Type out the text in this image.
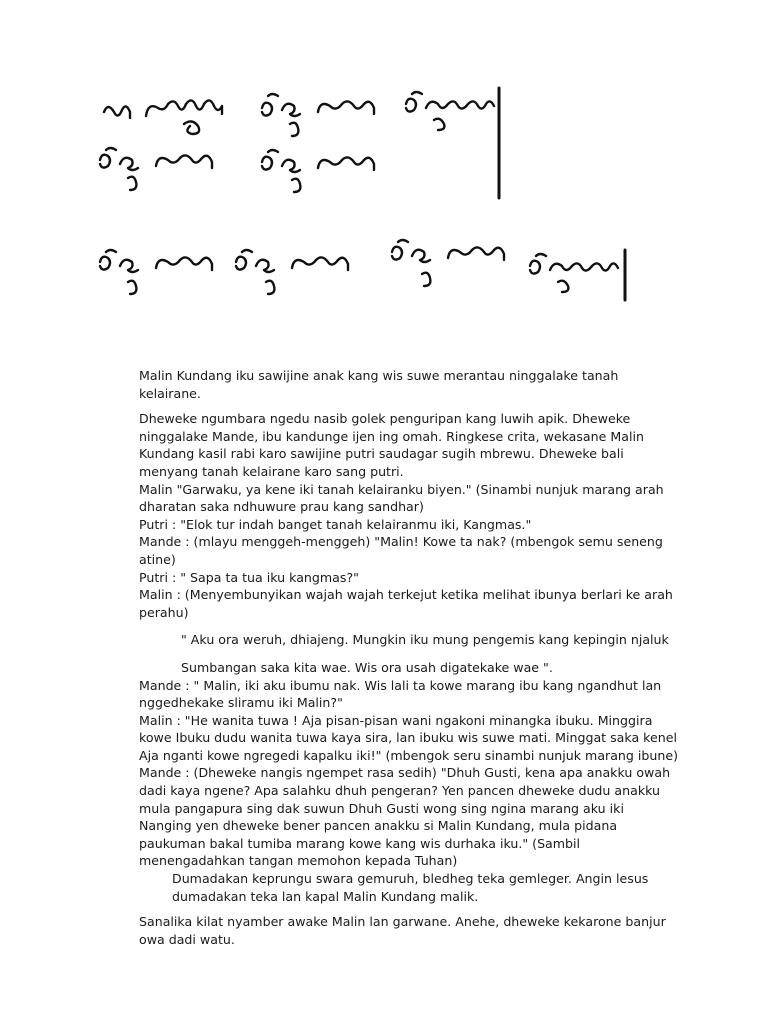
Malin Kundang iku sawijine anak kang wis suwe merantau ninggalake tanah kelairane.

Dheweke ngumbara ngedu nasib golek penguripan kang luwih apik. Dheweke ninggalake Mande, ibu kandunge ijen ing omah. Ringkese crita, wekasane Malin Kundang kasil rabi karo sawijine putri saudagar sugih mbrewu. Dheweke bali menyang tanah kelairane karo sang putri.

Malin "Garwaku, ya kene iki tanah kelairanku biyen." (Sinambi nunjuk marang arah dharatan saka ndhuwure prau kang sandhar)

Putri : "Elok tur indah banget tanah kelairanmu iki, Kangmas."

Mande : (mlayu menggeh-menggeh) "Malin! Kowe ta nak? (mbengok semu seneng atine)

Putri : " Sapa ta tua iku kangmas?"

Malin : (Menyembunyikan wajah wajah terkejut ketika melihat ibunya berlari ke arah perahu)

" Aku ora weruh, dhiajeng. Mungkin iku mung pengemis kang kepingin njaluk

Sumbangan saka kita wae. Wis ora usah digatekake wae ".

Mande : " Malin, iki aku ibumu nak. Wis lali ta kowe marang ibu kang ngandhut lan nggedhekake sliramu iki Malin?"

Malin : "He wanita tuwa ! Aja pisan-pisan wani ngakoni minangka ibuku. Minggira kowe Ibuku dudu wanita tuwa kaya sira, lan ibuku wis suwe mati. Minggat saka kenel Aja nganti kowe ngregedi kapalku iki!" (mbengok seru sinambi nunjuk marang ibune)

Mande : (Dheweke nangis ngempet rasa sedih) "Dhuh Gusti, kena apa anakku owah dadi kaya ngene? Apa salahku dhuh pengeran? Yen pancen dheweke dudu anakku mula pangapura sing dak suwun Dhuh Gusti wong sing ngina marang aku iki Nanging yen dheweke bener pancen anakku si Malin Kundang, mula pidana paukuman bakal tumiba marang kowe kang wis durhaka iku." (Sambil menengadahkan tangan memohon kepada Tuhan)

Dumadakan keprungu swara gemuruh, bledheg teka gemleger. Angin lesus dumadakan teka lan kapal Malin Kundang malik.

Sanalika kilat nyamber awake Malin lan garwane. Anehe, dheweke kekarone banjur owa dadi watu.
